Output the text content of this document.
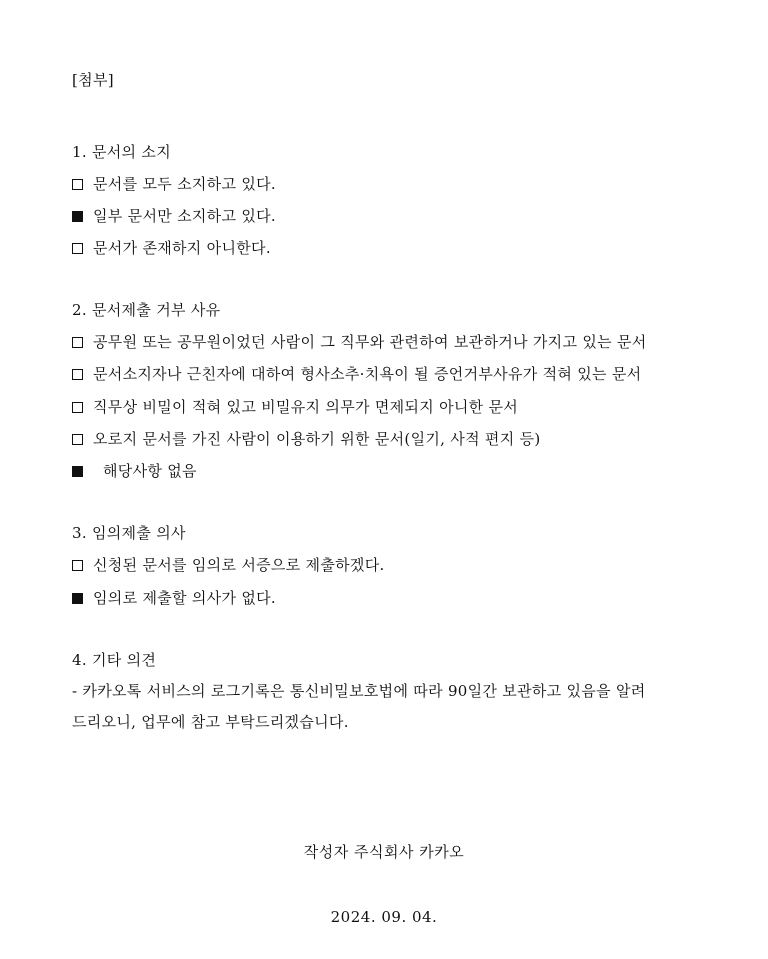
[첨부]
1. 문서의 소지
문서를 모두 소지하고 있다.
일부 문서만 소지하고 있다.
문서가 존재하지 아니한다.
2. 문서제출 거부 사유
공무원 또는 공무원이었던 사람이 그 직무와 관련하여 보관하거나 가지고 있는 문서
문서소지자나 근친자에 대하여 형사소추·치욕이 될 증언거부사유가 적혀 있는 문서
직무상 비밀이 적혀 있고 비밀유지 의무가 면제되지 아니한 문서
오로지 문서를 가진 사람이 이용하기 위한 문서(일기, 사적 편지 등)
해당사항 없음
3. 임의제출 의사
신청된 문서를 임의로 서증으로 제출하겠다.
임의로 제출할 의사가 없다.
4. 기타 의견
- 카카오톡 서비스의 로그기록은 통신비밀보호법에 따라 90일간 보관하고 있음을 알려
드리오니, 업무에 참고 부탁드리겠습니다.
작성자 주식회사 카카오
2024. 09. 04.
